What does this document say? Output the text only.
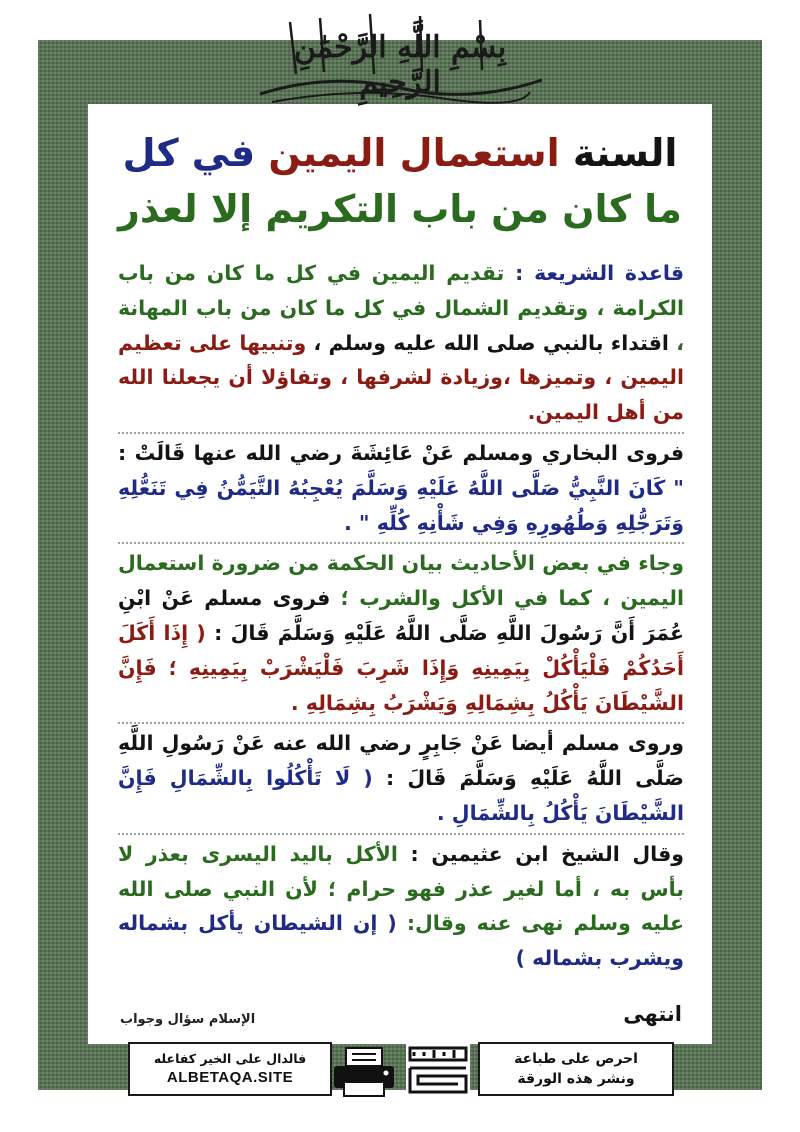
بِسْمِ اللَّهِ الرَّحْمَٰنِ الرَّحِيمِ
السنة استعمال اليمين في كل
ما كان من باب التكريم إلا لعذر

قاعدة الشريعة : تقديم اليمين في كل ما كان من باب الكرامة ، وتقديم الشمال في كل ما كان من باب المهانة ، اقتداء بالنبي صلى الله عليه وسلم ، وتنبيها على تعظيم اليمين ، وتميزها ،وزيادة لشرفها ، وتفاؤلا أن يجعلنا الله من أهل اليمين.

فروى البخاري ومسلم عَنْ عَائِشَةَ رضي الله عنها قَالَتْ : " كَانَ النَّبِيُّ صَلَّى اللَّهُ عَلَيْهِ وَسَلَّمَ يُعْجِبُهُ التَّيَمُّنُ فِي تَنَعُّلِهِ وَتَرَجُّلِهِ وَطُهُورِهِ وَفِي شَأْنِهِ كُلِّهِ " .

وجاء في بعض الأحاديث بيان الحكمة من ضرورة استعمال اليمين ، كما في الأكل والشرب ؛ فروى مسلم عَنْ ابْنِ عُمَرَ أَنَّ رَسُولَ اللَّهِ صَلَّى اللَّهُ عَلَيْهِ وَسَلَّمَ قَالَ : ( إِذَا أَكَلَ أَحَدُكُمْ فَلْيَأْكُلْ بِيَمِينِهِ وَإِذَا شَرِبَ فَلْيَشْرَبْ بِيَمِينِهِ ؛ فَإِنَّ الشَّيْطَانَ يَأْكُلُ بِشِمَالِهِ وَيَشْرَبُ بِشِمَالِهِ .

وروى مسلم أيضا عَنْ جَابِرٍ رضي الله عنه عَنْ رَسُولِ اللَّهِ صَلَّى اللَّهُ عَلَيْهِ وَسَلَّمَ قَالَ : ( لَا تَأْكُلُوا بِالشِّمَالِ فَإِنَّ الشَّيْطَانَ يَأْكُلُ بِالشِّمَالِ .

وقال الشيخ ابن عثيمين : الأكل باليد اليسرى بعذر لا بأس به ، أما لغير عذر فهو حرام ؛ لأن النبي صلى الله عليه وسلم نهى عنه وقال: ( إن الشيطان يأكل بشماله ويشرب بشماله )

انتهى
الإسلام سؤال وجواب
فالدال على الخير كفاعله
ALBETAQA.SITE
احرص على طباعة
ونشر هذه الورقة
